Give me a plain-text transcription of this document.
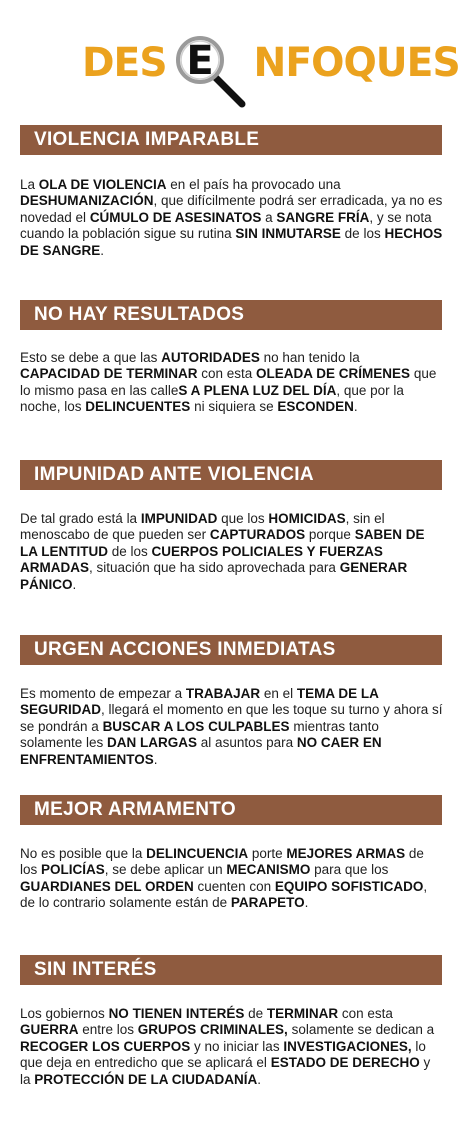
DES NFOQUES
E
VIOLENCIA IMPARABLE
La OLA DE VIOLENCIA en el país ha provocado una DESHUMANIZACIÓN, que difícilmente podrá ser erradicada, ya no es novedad el CÚMULO DE ASESINATOS a SANGRE FRÍA, y se nota cuando la población sigue su rutina SIN INMUTARSE de los HECHOS DE SANGRE.
NO HAY RESULTADOS
Esto se debe a que las AUTORIDADES no han tenido la CAPACIDAD DE TERMINAR con esta OLEADA DE CRÍMENES que lo mismo pasa en las calleS A PLENA LUZ DEL DÍA, que por la noche, los DELINCUENTES ni siquiera se ESCONDEN.
IMPUNIDAD ANTE VIOLENCIA
De tal grado está la IMPUNIDAD que los HOMICIDAS, sin el menoscabo de que pueden ser CAPTURADOS porque SABEN DE LA LENTITUD de los CUERPOS POLICIALES Y FUERZAS ARMADAS, situación que ha sido aprovechada para GENERAR PÁNICO.
URGEN ACCIONES INMEDIATAS
Es momento de empezar a TRABAJAR en el TEMA DE LA SEGURIDAD, llegará el momento en que les toque su turno y ahora sí se pondrán a BUSCAR A LOS CULPABLES mientras tanto solamente les DAN LARGAS al asuntos para NO CAER EN ENFRENTAMIENTOS.
MEJOR ARMAMENTO
No es posible que la DELINCUENCIA porte MEJORES ARMAS de los POLICÍAS, se debe aplicar un MECANISMO para que los GUARDIANES DEL ORDEN cuenten con EQUIPO SOFISTICADO, de lo contrario solamente están de PARAPETO.
SIN INTERÉS
Los gobiernos NO TIENEN INTERÉS de TERMINAR con esta GUERRA entre los GRUPOS CRIMINALES, solamente se dedican a RECOGER LOS CUERPOS y no iniciar las INVESTIGACIONES, lo que deja en entredicho que se aplicará el ESTADO DE DERECHO y la PROTECCIÓN DE LA CIUDADANÍA.
